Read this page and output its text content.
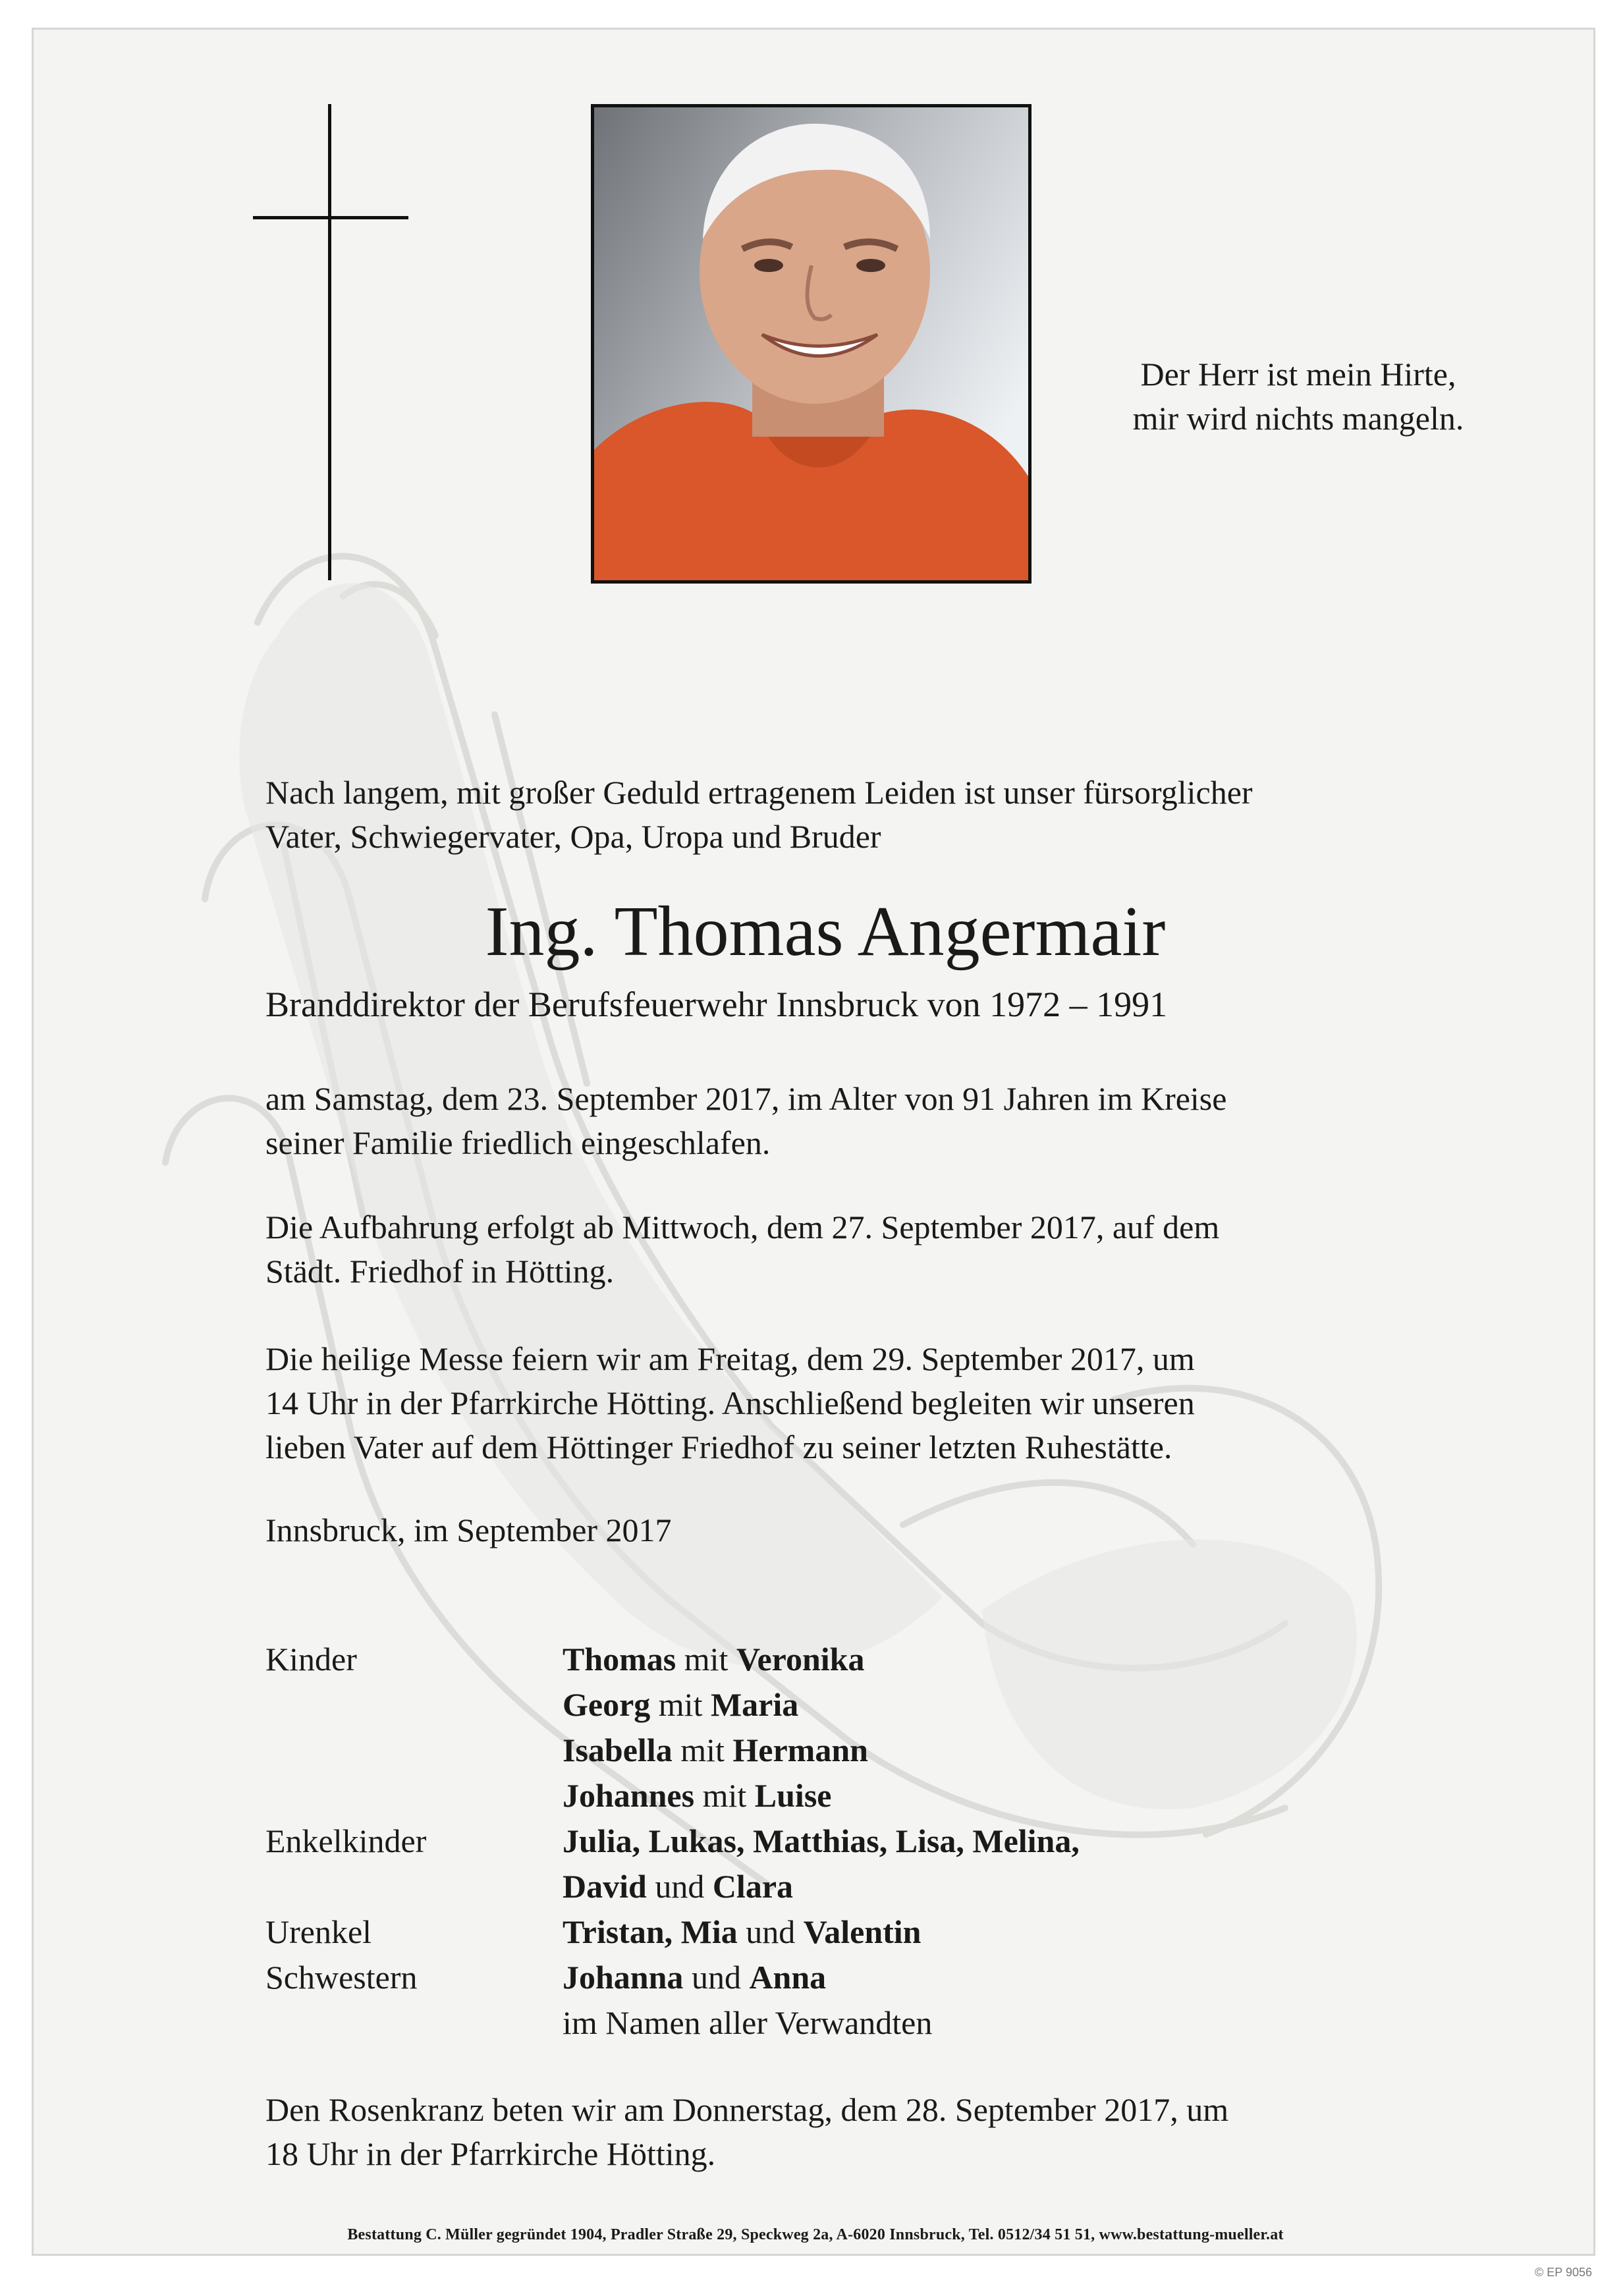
Der Herr ist mein Hirte,
mir wird nichts mangeln.
Nach langem, mit großer Geduld ertragenem Leiden ist unser fürsorglicher
Vater, Schwiegervater, Opa, Uropa und Bruder
Ing. Thomas Angermair
Branddirektor der Berufsfeuerwehr Innsbruck von 1972 – 1991
am Samstag, dem 23. September 2017, im Alter von 91 Jahren im Kreise
seiner Familie friedlich eingeschlafen.
Die Aufbahrung erfolgt ab Mittwoch, dem 27. September 2017, auf dem
Städt. Friedhof in Hötting.
Die heilige Messe feiern wir am Freitag, dem 29. September 2017, um
14 Uhr in der Pfarrkirche Hötting. Anschließend begleiten wir unseren
lieben Vater auf dem Höttinger Friedhof zu seiner letzten Ruhestätte.
Innsbruck, im September 2017
Kinder	Thomas mit Veronika
Georg mit Maria
Isabella mit Hermann
Johannes mit Luise
Enkelkinder	Julia, Lukas, Matthias, Lisa, Melina,
David und Clara
Urenkel	Tristan, Mia und Valentin
Schwestern	Johanna und Anna
im Namen aller Verwandten
Den Rosenkranz beten wir am Donnerstag, dem 28. September 2017, um
18 Uhr in der Pfarrkirche Hötting.
Bestattung C. Müller gegründet 1904, Pradler Straße 29, Speckweg 2a, A-6020 Innsbruck, Tel. 0512/34 51 51, www.bestattung-mueller.at
© EP 9056
